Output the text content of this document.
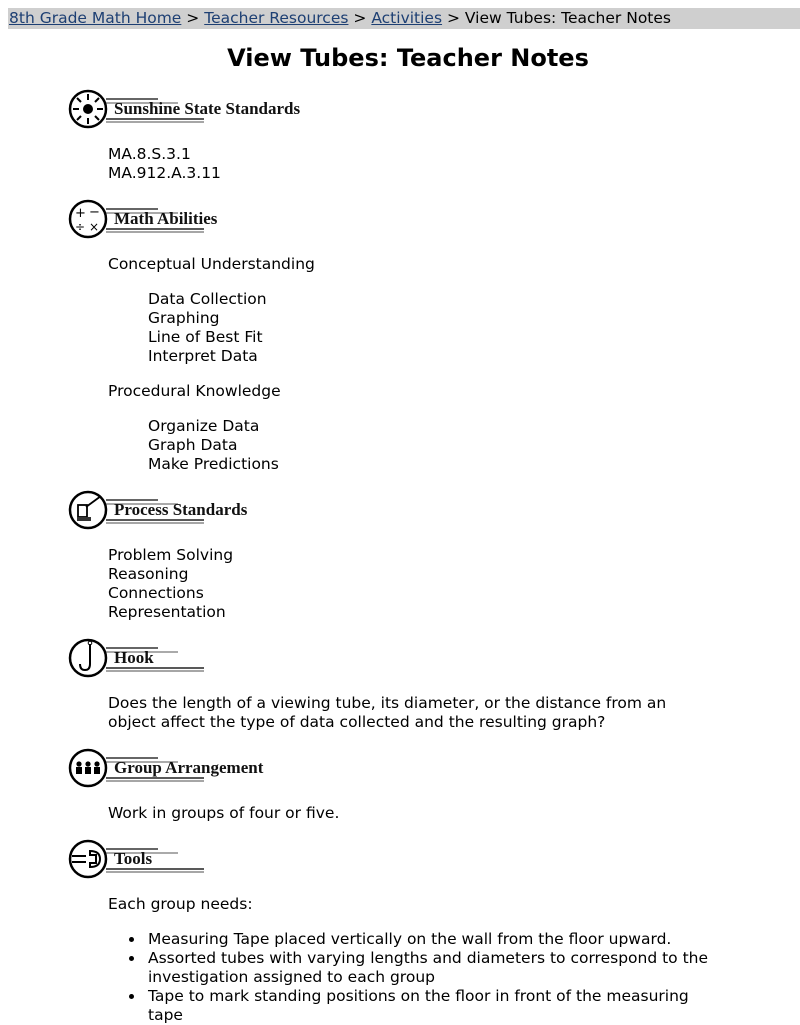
8th Grade Math Home > Teacher Resources > Activities > View Tubes: Teacher Notes
View Tubes: Teacher Notes
Sunshine State Standards
MA.8.S.3.1
MA.912.A.3.11
+ −
÷ × Math Abilities
Conceptual Understanding
Data Collection
Graphing
Line of Best Fit
Interpret Data
Procedural Knowledge
Organize Data
Graph Data
Make Predictions
Process Standards
Problem Solving
Reasoning
Connections
Representation
Hook
Does the length of a viewing tube, its diameter, or the distance from an object affect the type of data collected and the resulting graph?
Group Arrangement
Work in groups of four or five.
Tools
Each group needs:
Measuring Tape placed vertically on the wall from the floor upward.
Assorted tubes with varying lengths and diameters to correspond to the investigation assigned to each group
Tape to mark standing positions on the floor in front of the measuring tape
